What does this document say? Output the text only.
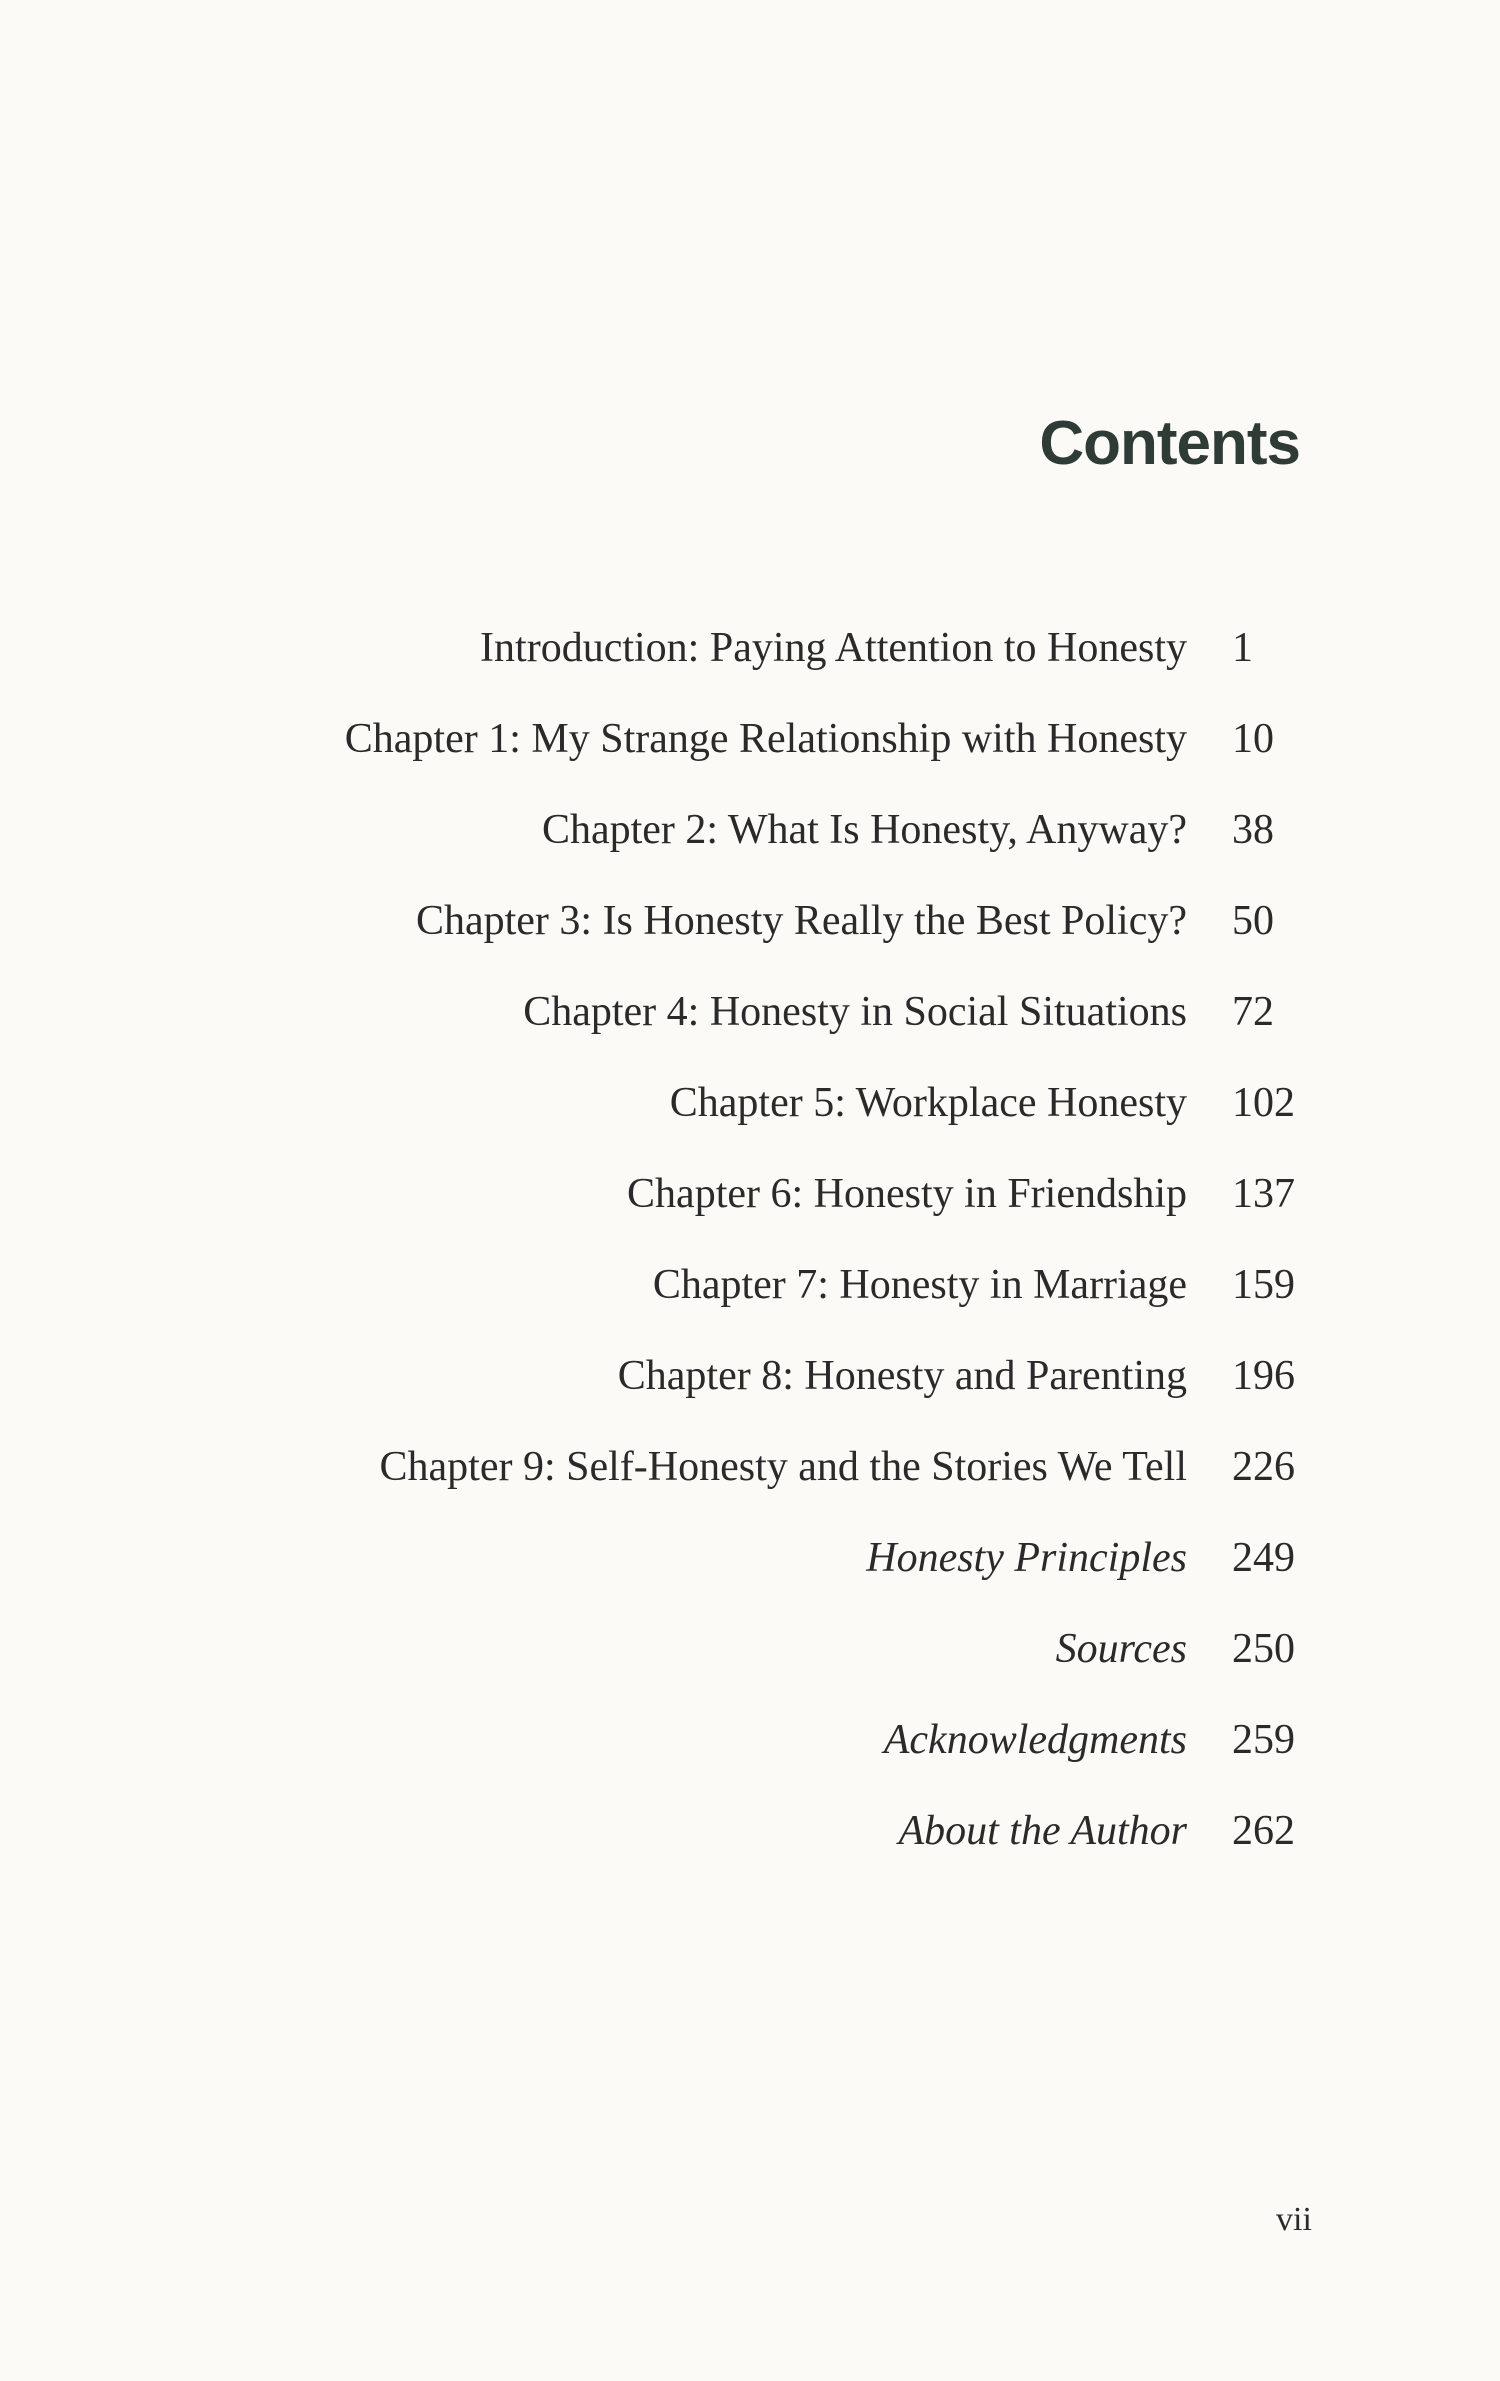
Contents
Introduction: Paying Attention to Honesty 1
Chapter 1: My Strange Relationship with Honesty 10
Chapter 2: What Is Honesty, Anyway? 38
Chapter 3: Is Honesty Really the Best Policy? 50
Chapter 4: Honesty in Social Situations 72
Chapter 5: Workplace Honesty 102
Chapter 6: Honesty in Friendship 137
Chapter 7: Honesty in Marriage 159
Chapter 8: Honesty and Parenting 196
Chapter 9: Self-Honesty and the Stories We Tell 226
Honesty Principles 249
Sources 250
Acknowledgments 259
About the Author 262
vii
